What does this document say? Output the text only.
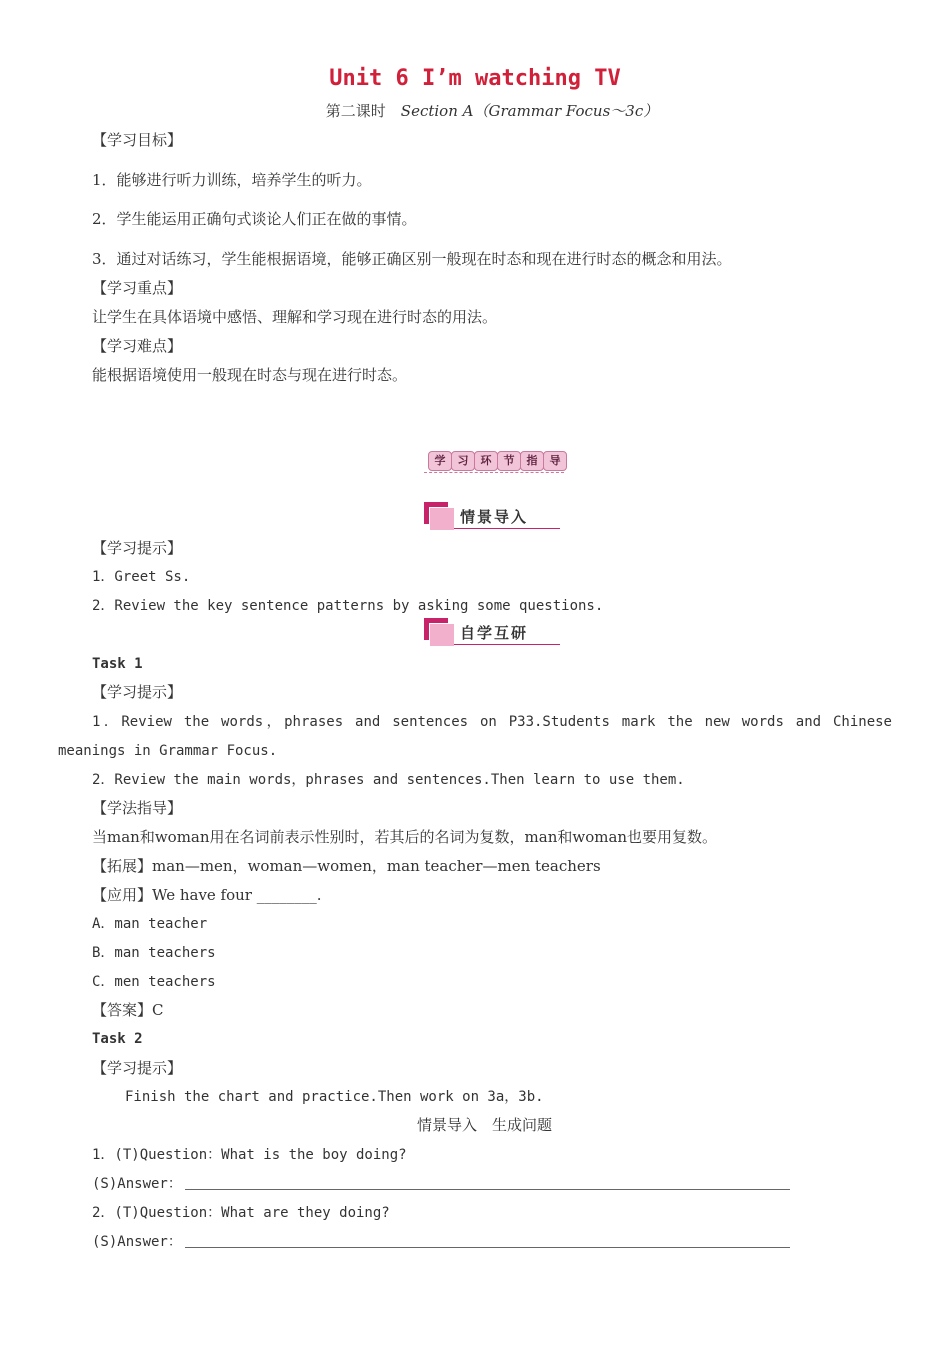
Unit 6 I’m watching TV
第二课时　 Section A（Grammar Focus～3c）
【学习目标】
1．能够进行听力训练，培养学生的听力。
2．学生能运用正确句式谈论人们正在做的事情。
3．通过对话练习，学生能根据语境，能够正确区别一般现在时态和现在进行时态的概念和用法。
【学习重点】
让学生在具体语境中感悟、理解和学习现在进行时态的用法。
【学习难点】
能根据语境使用一般现在时态与现在进行时态。
学	习	环	节	指	导
情景导入
【学习提示】
1．Greet Ss.
2．Review the key sentence patterns by asking some questions.
自学互研
Task 1
【学习提示】
1．Review the words，phrases and sentences on P33.Students mark the new words and Chinese
meanings in Grammar Focus.
2．Review the main words，phrases and sentences.Then learn to use them.
【学法指导】
当man和woman用在名词前表示性别时，若其后的名词为复数，man和woman也要用复数。
【拓展】man—men，woman—women，man teacher—men teachers
【应用】We have four ________.
A．man teacher
B．man teachers
C．men teachers
【答案】C
Task 2
【学习提示】
Finish the chart and practice.Then work on 3a，3b.
情景导入　生成问题
1．(T)Question：What is the boy doing?
(S)Answer：
2．(T)Question：What are they doing?
(S)Answer：
